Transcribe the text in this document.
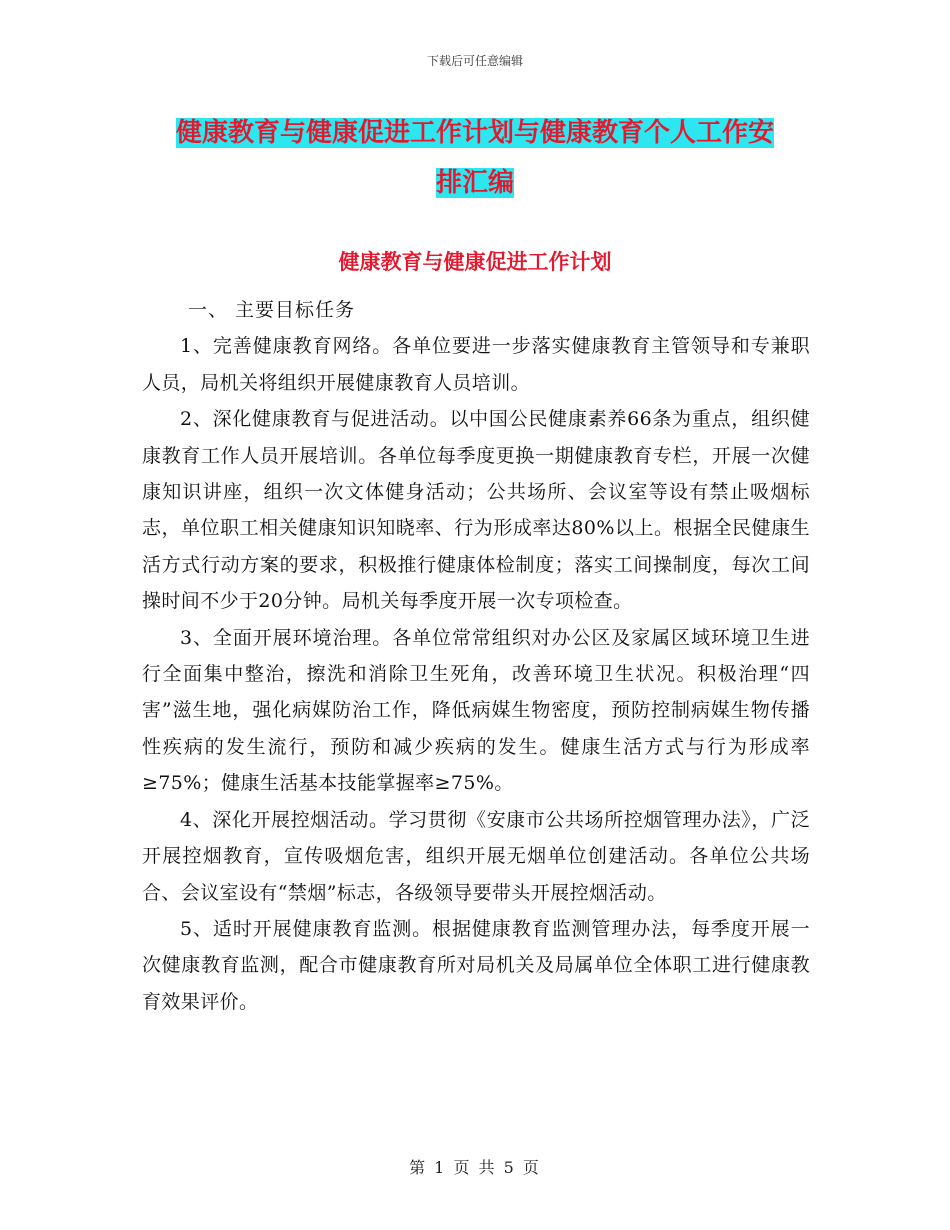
下载后可任意编辑
健康教育与健康促进工作计划与健康教育个人工作安
排汇编
健康教育与健康促进工作计划

一、 主要目标任务

1、完善健康教育网络。各单位要进一步落实健康教育主管领导和专兼职人员，局机关将组织开展健康教育人员培训。

2、深化健康教育与促进活动。以中国公民健康素养66条为重点，组织健康教育工作人员开展培训。各单位每季度更换一期健康教育专栏，开展一次健康知识讲座，组织一次文体健身活动；公共场所、会议室等设有禁止吸烟标志，单位职工相关健康知识知晓率、行为形成率达80%以上。根据全民健康生活方式行动方案的要求，积极推行健康体检制度；落实工间操制度，每次工间操时间不少于20分钟。局机关每季度开展一次专项检查。

3、全面开展环境治理。各单位常常组织对办公区及家属区域环境卫生进行全面集中整治，擦洗和消除卫生死角，改善环境卫生状况。积极治理“四害”滋生地，强化病媒防治工作，降低病媒生物密度，预防控制病媒生物传播性疾病的发生流行，预防和减少疾病的发生。健康生活方式与行为形成率≥75%；健康生活基本技能掌握率≥75%。

4、深化开展控烟活动。学习贯彻《安康市公共场所控烟管理办法》，广泛开展控烟教育，宣传吸烟危害，组织开展无烟单位创建活动。各单位公共场合、会议室设有“禁烟”标志，各级领导要带头开展控烟活动。

5、适时开展健康教育监测。根据健康教育监测管理办法，每季度开展一次健康教育监测，配合市健康教育所对局机关及局属单位全体职工进行健康教育效果评价。

第 1 页 共 5 页
